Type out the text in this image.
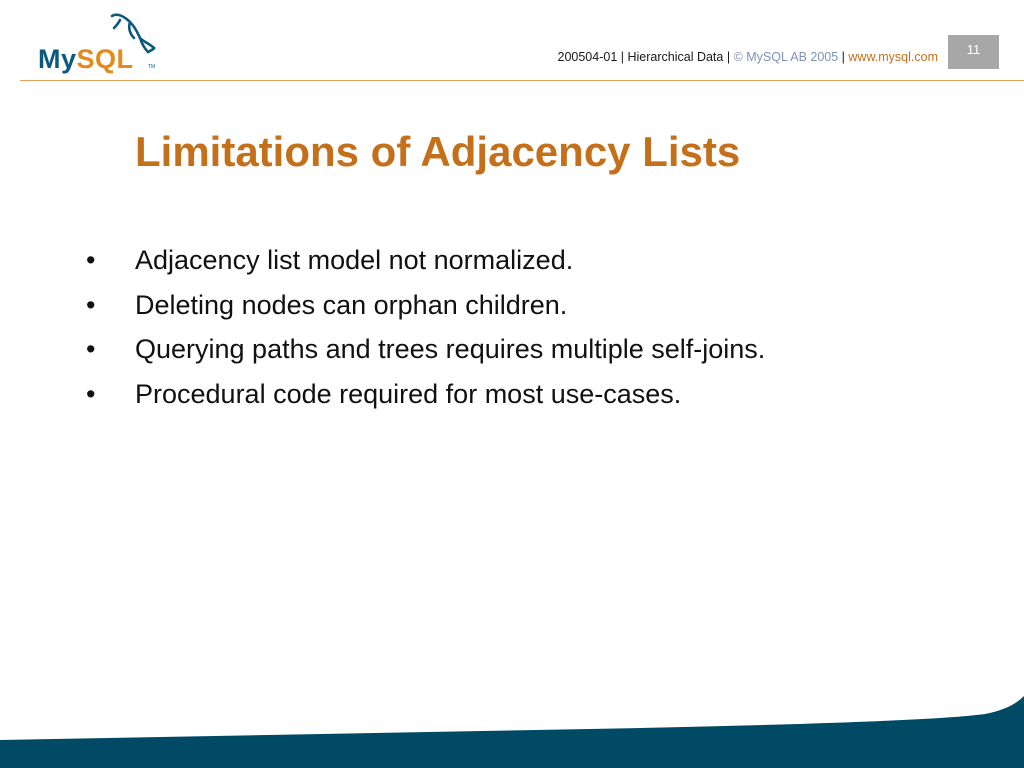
MySQL	TM
200504-01 | Hierarchical Data | © MySQL AB 2005 | www.mysql.com	11
Limitations of Adjacency Lists
• Adjacency list model not normalized.
• Deleting nodes can orphan children.
• Querying paths and trees requires multiple self-joins.
• Procedural code required for most use-cases.
